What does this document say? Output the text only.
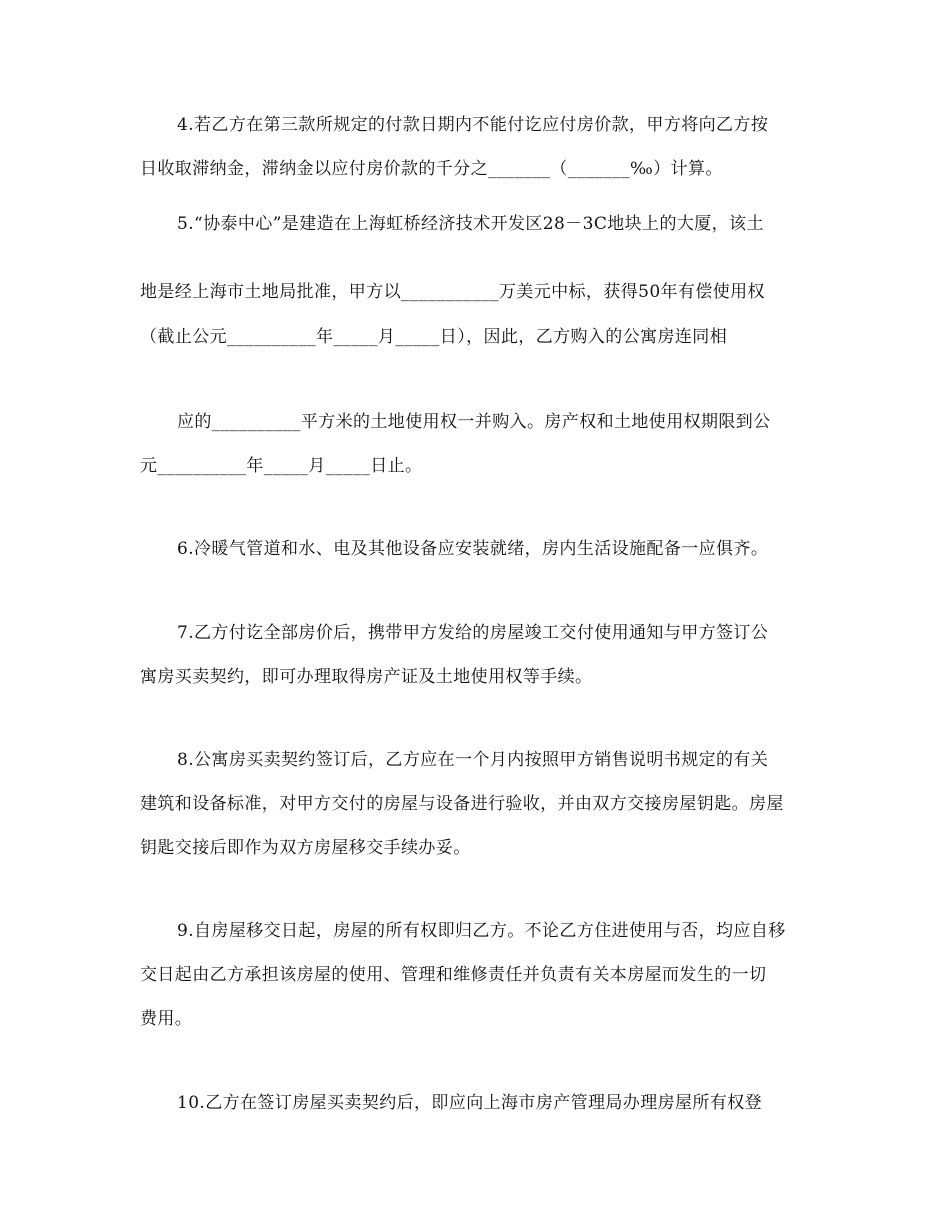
4.若乙方在第三款所规定的付款日期内不能付讫应付房价款，甲方将向乙方按
日收取滞纳金，滞纳金以应付房价款的千分之_______（_______‰）计算。
5.“协泰中心”是建造在上海虹桥经济技术开发区28－3C地块上的大厦，该土
地是经上海市土地局批准，甲方以___________万美元中标，获得50年有偿使用权
（截止公元__________年_____月_____日），因此，乙方购入的公寓房连同相
应的__________平方米的土地使用权一并购入。房产权和土地使用权期限到公
元__________年_____月_____日止。
6.冷暖气管道和水、电及其他设备应安装就绪，房内生活设施配备一应俱齐。
7.乙方付讫全部房价后，携带甲方发给的房屋竣工交付使用通知与甲方签订公
寓房买卖契约，即可办理取得房产证及土地使用权等手续。
8.公寓房买卖契约签订后，乙方应在一个月内按照甲方销售说明书规定的有关
建筑和设备标准，对甲方交付的房屋与设备进行验收，并由双方交接房屋钥匙。房屋
钥匙交接后即作为双方房屋移交手续办妥。
9.自房屋移交日起，房屋的所有权即归乙方。不论乙方住进使用与否，均应自移
交日起由乙方承担该房屋的使用、管理和维修责任并负责有关本房屋而发生的一切
费用。
10.乙方在签订房屋买卖契约后，即应向上海市房产管理局办理房屋所有权登
